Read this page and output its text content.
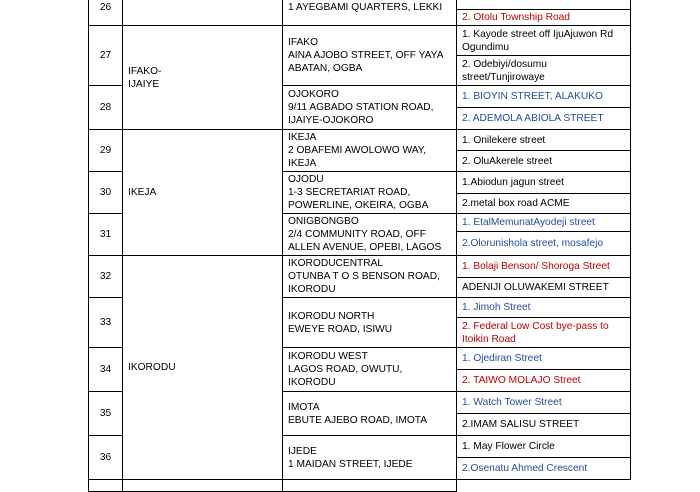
26		1 AYEGBAMI QUARTERS, LEKKI	
			2. Otolu Township Road
27	IFAKO-
IJAIYE	IFAKO
AINA AJOBO STREET, OFF YAYA
ABATAN, OGBA	1. Kayode street off IjuAjuwon Rd
Ogundimu
			2. Odebiyi/dosumu
street/Tunjirowaye
28		OJOKORO
9/11 AGBADO STATION ROAD,
IJAIYE-OJOKORO	1. BIOYIN STREET, ALAKUKO
			2. ADEMOLA ABIOLA STREET
29	IKEJA	IKEJA
2 OBAFEMI AWOLOWO WAY,
IKEJA	1. Onilekere street
			2. OluAkerele street
30		OJODU
1-3 SECRETARIAT ROAD,
POWERLINE, OKEIRA, OGBA	1.Abiodun jagun street
			2.metal box road ACME
31		ONIGBONGBO
2/4 COMMUNITY ROAD, OFF
ALLEN AVENUE, OPEBI, LAGOS	1. EtalMemunatAyodeji street
			2.Olorunishola street, mosafejo
32	IKORODU	IKORODUCENTRAL
OTUNBA T O S BENSON ROAD,
IKORODU	1. Bolaji Benson/ Shoroga Street
			ADENIJI OLUWAKEMI STREET
33		IKORODU NORTH
EWEYE ROAD, ISIWU	1. Jimoh Street
			2. Federal Low Cost bye-pass to
Itoikin Road
34		IKORODU WEST
LAGOS ROAD, OWUTU,
IKORODU	1. Ojediran Street
			2. TAIWO MOLAJO Street
35		IMOTA
EBUTE AJEBO ROAD, IMOTA	1. Watch Tower Street
			2.IMAM SALISU STREET
36		IJEDE
1 MAIDAN STREET, IJEDE	1. May Flower Circle
			2.Osenatu Ahmed Crescent
